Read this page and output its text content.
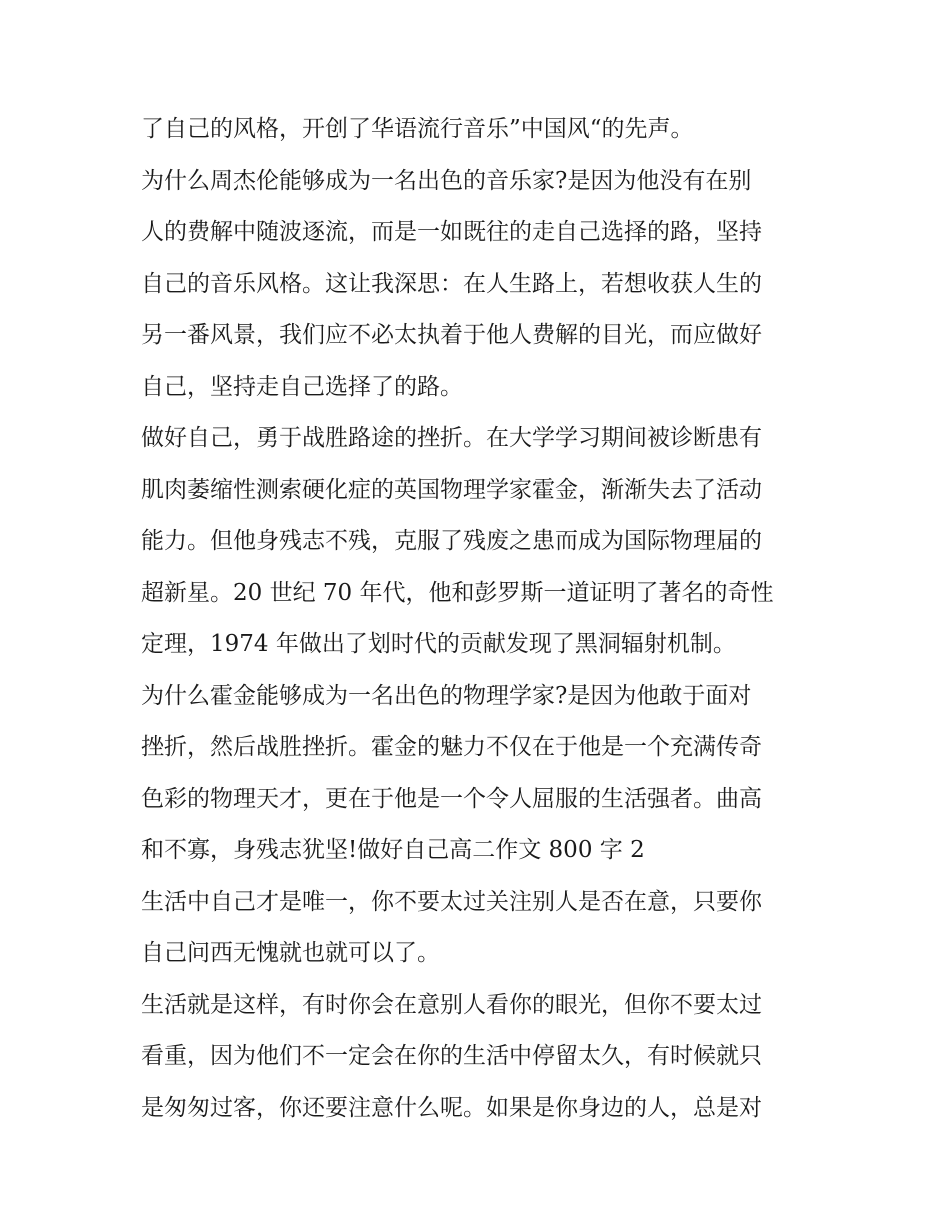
了自己的风格，开创了华语流行音乐”中国风“的先声。
为什么周杰伦能够成为一名出色的音乐家?是因为他没有在别
人的费解中随波逐流，而是一如既往的走自己选择的路，坚持
自己的音乐风格。这让我深思：在人生路上，若想收获人生的
另一番风景，我们应不必太执着于他人费解的目光，而应做好
自己，坚持走自己选择了的路。
做好自己，勇于战胜路途的挫折。在大学学习期间被诊断患有
肌肉萎缩性测索硬化症的英国物理学家霍金，渐渐失去了活动
能力。但他身残志不残，克服了残废之患而成为国际物理届的
超新星。20 世纪 70 年代，他和彭罗斯一道证明了著名的奇性
定理，1974 年做出了划时代的贡献发现了黑洞辐射机制。
为什么霍金能够成为一名出色的物理学家?是因为他敢于面对
挫折，然后战胜挫折。霍金的魅力不仅在于他是一个充满传奇
色彩的物理天才，更在于他是一个令人屈服的生活强者。曲高
和不寡，身残志犹坚!做好自己高二作文 800 字 2
生活中自己才是唯一，你不要太过关注别人是否在意，只要你
自己问西无愧就也就可以了。
生活就是这样，有时你会在意别人看你的眼光，但你不要太过
看重，因为他们不一定会在你的生活中停留太久，有时候就只
是匆匆过客，你还要注意什么呢。如果是你身边的人，总是对
